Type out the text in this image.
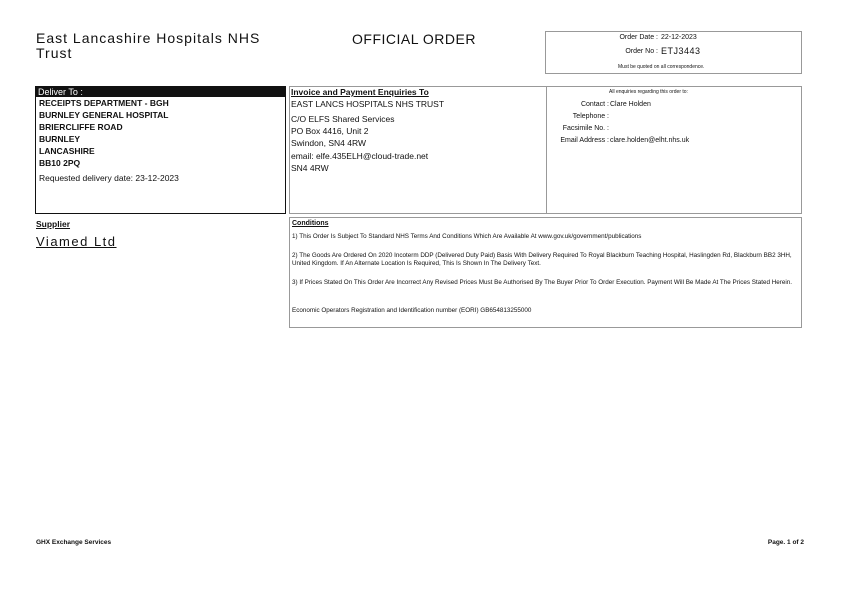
East Lancashire Hospitals NHS Trust
OFFICIAL ORDER	Order Date : 22-12-2023
Order No : ETJ3443
Must be quoted on all correspondence.
Deliver To :
RECEIPTS DEPARTMENT - BGH
BURNLEY GENERAL HOSPITAL
BRIERCLIFFE ROAD
BURNLEY
LANCASHIRE
BB10 2PQ
Requested delivery date: 23-12-2023
Invoice and Payment Enquiries To
EAST LANCS HOSPITALS NHS TRUST
C/O ELFS Shared Services
PO Box 4416, Unit 2
Swindon, SN4 4RW
email: elfe.435ELH@cloud-trade.net
SN4 4RW
All enquiries regarding this order to:
Contact : Clare Holden
Telephone :
Facsimile No. :
Email Address : clare.holden@elht.nhs.uk
Supplier
Viamed Ltd
Conditions
1) This Order Is Subject To Standard NHS Terms And Conditions Which Are Available At www.gov.uk/government/publications
2) The Goods Are Ordered On 2020 Incoterm DDP (Delivered Duty Paid) Basis With Delivery Required To Royal Blackburn Teaching Hospital, Haslingden Rd, Blackburn BB2 3HH, United Kingdom. If An Alternate Location Is Required, This Is Shown In The Delivery Text.
3) If Prices Stated On This Order Are Incorrect Any Revised Prices Must Be Authorised By The Buyer Prior To Order Execution. Payment Will Be Made At The Prices Stated Herein.
Economic Operators Registration and Identification number (EORI) GB654813255000
GHX Exchange Services	Page. 1 of 2
